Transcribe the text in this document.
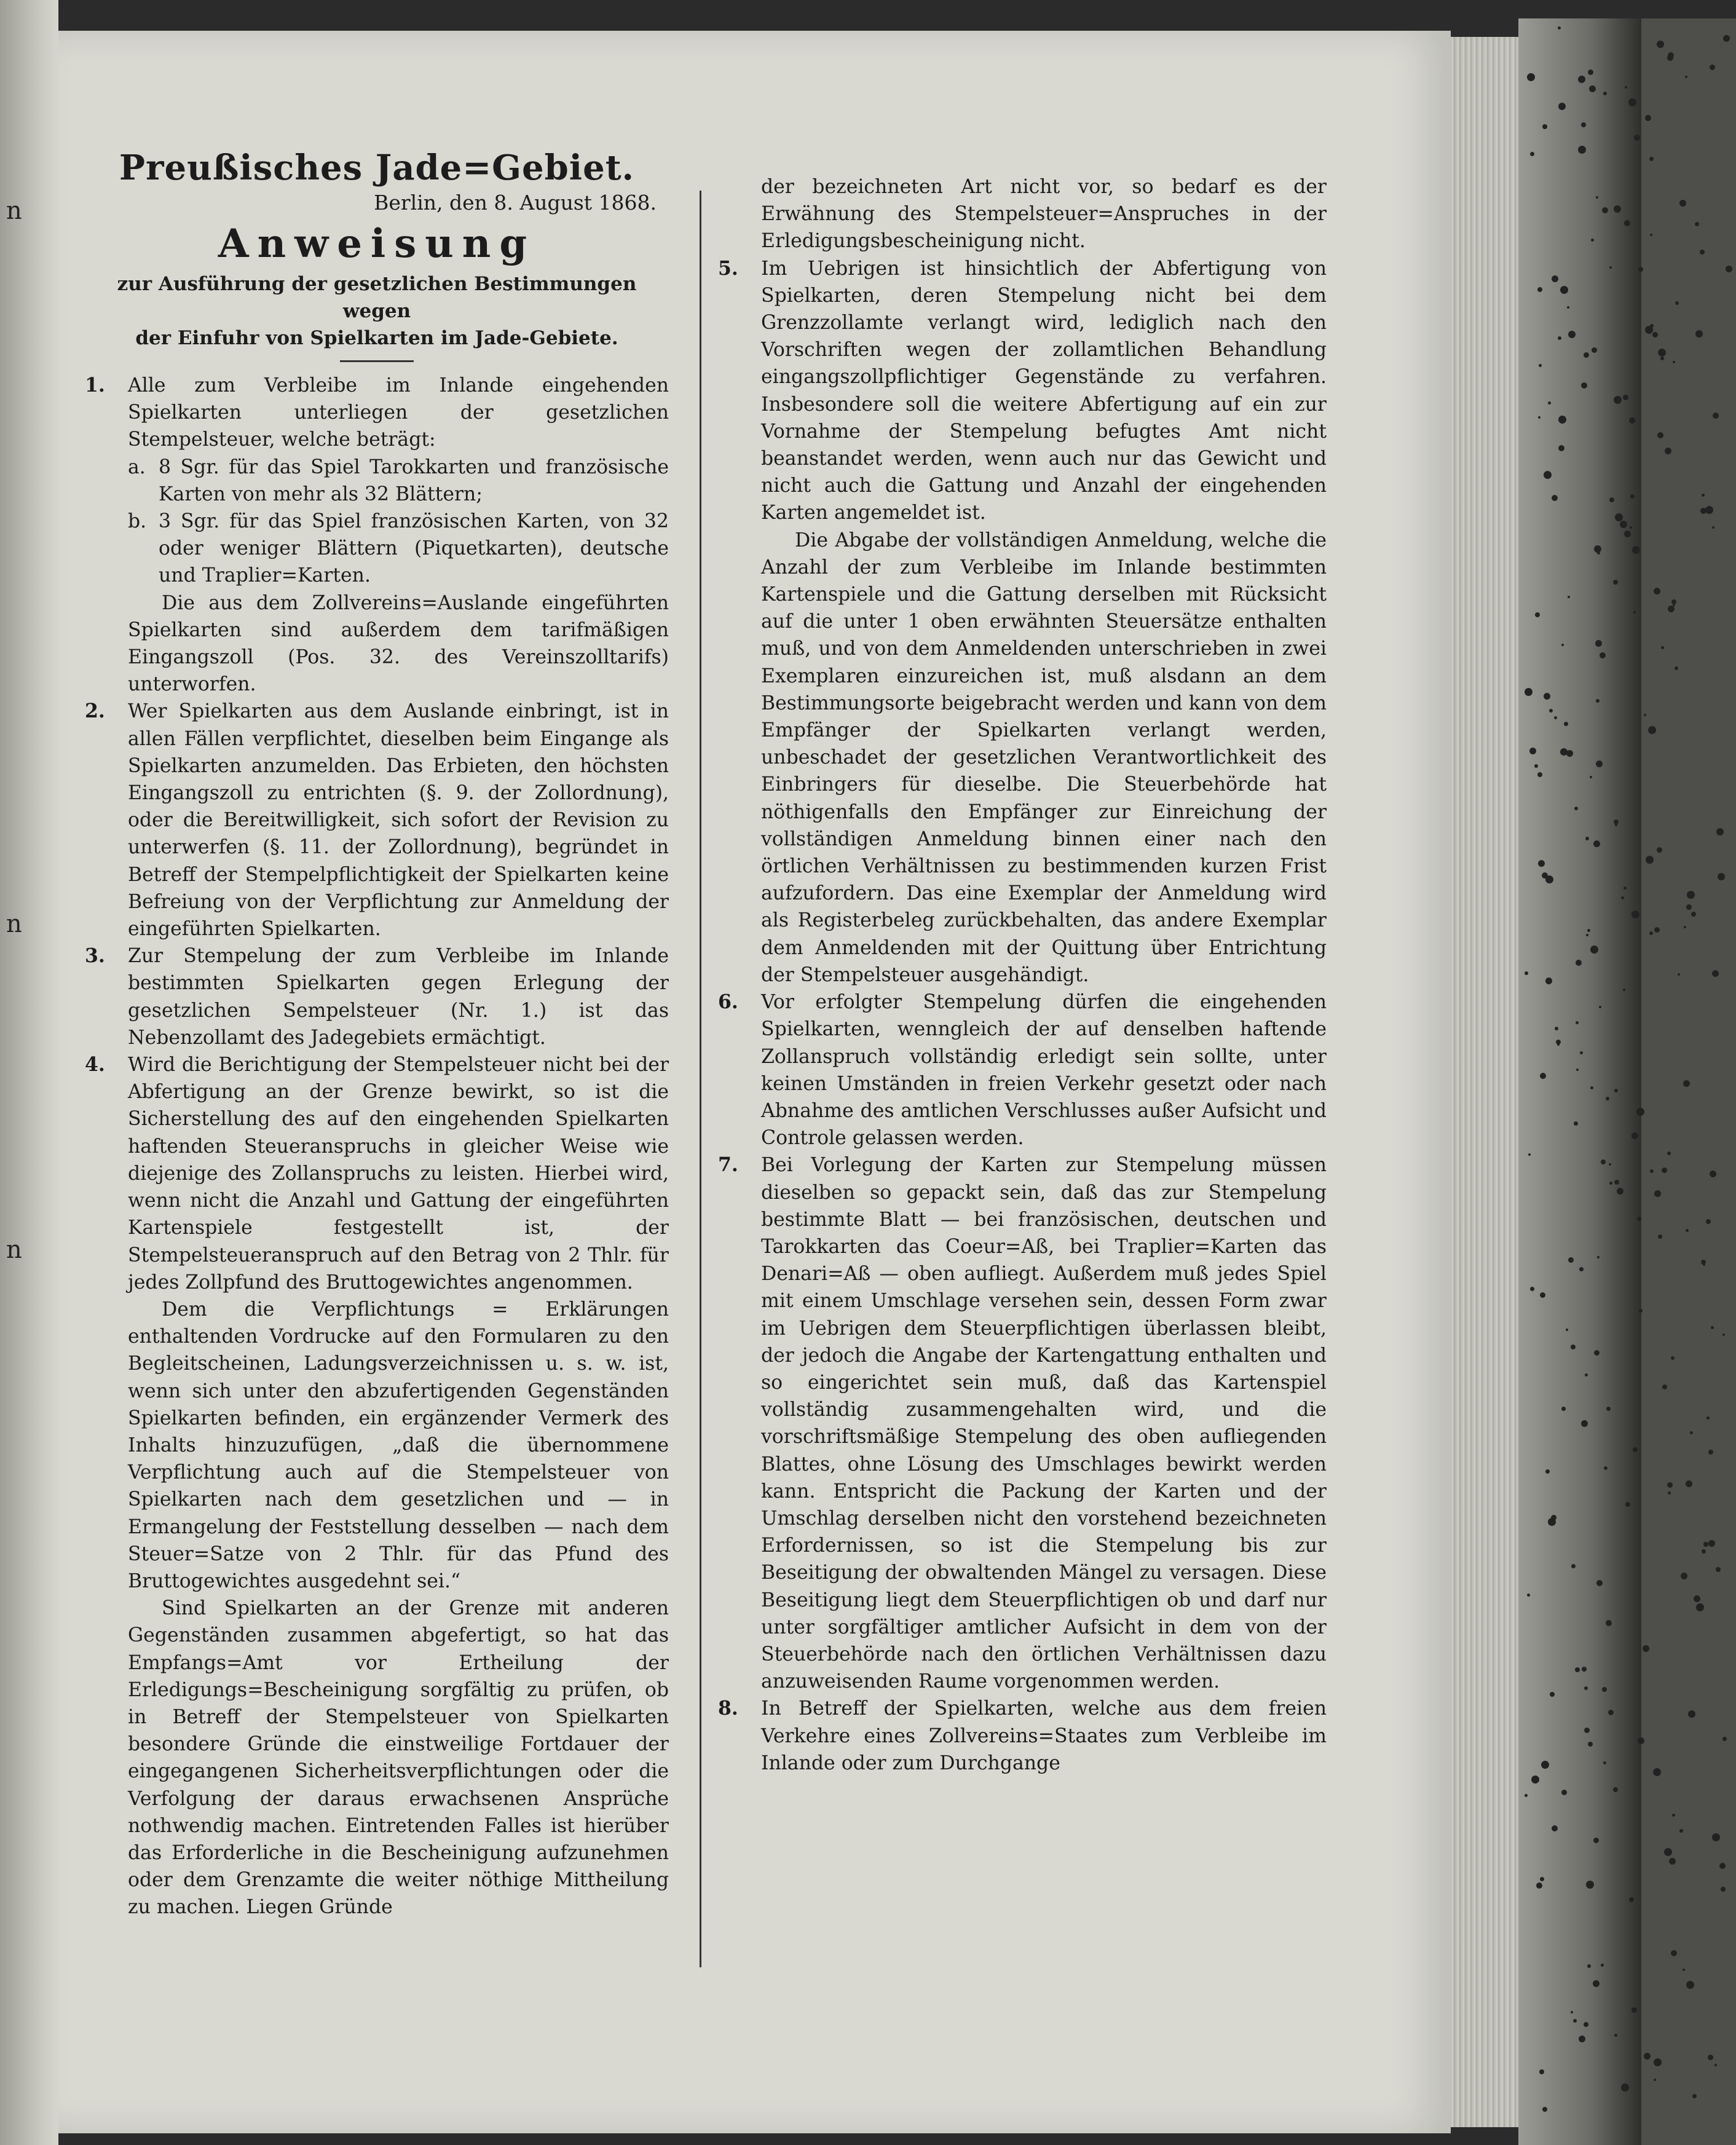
n
n
n
Preußisches Jade=Gebiet.
Berlin, den 8. August 1868.
Anweisung
zur Ausführung der gesetzlichen Bestimmungen wegen
der Einfuhr von Spielkarten im Jade-Gebiete.
1. Alle zum Verbleibe im Inlande eingehenden Spielkarten unterliegen der gesetzlichen Stempelsteuer, welche beträgt:
a. 8 Sgr. für das Spiel Tarokkarten und französische Karten von mehr als 32 Blättern;
b. 3 Sgr. für das Spiel französischen Karten, von 32 oder weniger Blättern (Piquetkarten), deutsche und Traplier=Karten.

Die aus dem Zollvereins=Auslande eingeführten Spielkarten sind außerdem dem tarifmäßigen Eingangszoll (Pos. 32. des Vereinszolltarifs) unterworfen.

2. Wer Spielkarten aus dem Auslande einbringt, ist in allen Fällen verpflichtet, dieselben beim Eingange als Spielkarten anzumelden. Das Erbieten, den höchsten Eingangszoll zu entrichten (§. 9. der Zollordnung), oder die Bereitwilligkeit, sich sofort der Revision zu unterwerfen (§. 11. der Zollordnung), begründet in Betreff der Stempelpflichtigkeit der Spielkarten keine Befreiung von der Verpflichtung zur Anmeldung der eingeführten Spielkarten.
3. Zur Stempelung der zum Verbleibe im Inlande bestimmten Spielkarten gegen Erlegung der gesetzlichen Sempelsteuer (Nr. 1.) ist das Nebenzollamt des Jadegebiets ermächtigt.
4. Wird die Berichtigung der Stempelsteuer nicht bei der Abfertigung an der Grenze bewirkt, so ist die Sicherstellung des auf den eingehenden Spielkarten haftenden Steueranspruchs in gleicher Weise wie diejenige des Zollanspruchs zu leisten. Hierbei wird, wenn nicht die Anzahl und Gattung der eingeführten Kartenspiele festgestellt ist, der Stempelsteueranspruch auf den Betrag von 2 Thlr. für jedes Zollpfund des Bruttogewichtes angenommen.

Dem die Verpflichtungs = Erklärungen enthaltenden Vordrucke auf den Formularen zu den Begleitscheinen, Ladungsverzeichnissen u. s. w. ist, wenn sich unter den abzufertigenden Gegenständen Spielkarten befinden, ein ergänzender Vermerk des Inhalts hinzuzufügen, „daß die übernommene Verpflichtung auch auf die Stempelsteuer von Spielkarten nach dem gesetzlichen und — in Ermangelung der Feststellung desselben — nach dem Steuer=Satze von 2 Thlr. für das Pfund des Bruttogewichtes ausgedehnt sei.“

Sind Spielkarten an der Grenze mit anderen Gegenständen zusammen abgefertigt, so hat das Empfangs=Amt vor Ertheilung der Erledigungs=Bescheinigung sorgfältig zu prüfen, ob in Betreff der Stempelsteuer von Spielkarten besondere Gründe die einstweilige Fortdauer der eingegangenen Sicherheitsverpflichtungen oder die Verfolgung der daraus erwachsenen Ansprüche nothwendig machen. Eintretenden Falles ist hierüber das Erforderliche in die Bescheinigung aufzunehmen oder dem Grenzamte die weiter nöthige Mittheilung zu machen. Liegen Gründe

der bezeichneten Art nicht vor, so bedarf es der Erwähnung des Stempelsteuer=Anspruches in der Erledigungsbescheinigung nicht.

5. Im Uebrigen ist hinsichtlich der Abfertigung von Spielkarten, deren Stempelung nicht bei dem Grenzzollamte verlangt wird, lediglich nach den Vorschriften wegen der zollamtlichen Behandlung eingangszollpflichtiger Gegenstände zu verfahren. Insbesondere soll die weitere Abfertigung auf ein zur Vornahme der Stempelung befugtes Amt nicht beanstandet werden, wenn auch nur das Gewicht und nicht auch die Gattung und Anzahl der eingehenden Karten angemeldet ist.

Die Abgabe der vollständigen Anmeldung, welche die Anzahl der zum Verbleibe im Inlande bestimmten Kartenspiele und die Gattung derselben mit Rücksicht auf die unter 1 oben erwähnten Steuersätze enthalten muß, und von dem Anmeldenden unterschrieben in zwei Exemplaren einzureichen ist, muß alsdann an dem Bestimmungsorte beigebracht werden und kann von dem Empfänger der Spielkarten verlangt werden, unbeschadet der gesetzlichen Verantwortlichkeit des Einbringers für dieselbe. Die Steuerbehörde hat nöthigenfalls den Empfänger zur Einreichung der vollständigen Anmeldung binnen einer nach den örtlichen Verhältnissen zu bestimmenden kurzen Frist aufzufordern. Das eine Exemplar der Anmeldung wird als Registerbeleg zurückbehalten, das andere Exemplar dem Anmeldenden mit der Quittung über Entrichtung der Stempelsteuer ausgehändigt.

6. Vor erfolgter Stempelung dürfen die eingehenden Spielkarten, wenngleich der auf denselben haftende Zollanspruch vollständig erledigt sein sollte, unter keinen Umständen in freien Verkehr gesetzt oder nach Abnahme des amtlichen Verschlusses außer Aufsicht und Controle gelassen werden.
7. Bei Vorlegung der Karten zur Stempelung müssen dieselben so gepackt sein, daß das zur Stempelung bestimmte Blatt — bei französischen, deutschen und Tarokkarten das Coeur=Aß, bei Traplier=Karten das Denari=Aß — oben aufliegt. Außerdem muß jedes Spiel mit einem Umschlage versehen sein, dessen Form zwar im Uebrigen dem Steuerpflichtigen überlassen bleibt, der jedoch die Angabe der Kartengattung enthalten und so eingerichtet sein muß, daß das Kartenspiel vollständig zusammengehalten wird, und die vorschriftsmäßige Stempelung des oben aufliegenden Blattes, ohne Lösung des Umschlages bewirkt werden kann. Entspricht die Packung der Karten und der Umschlag derselben nicht den vorstehend bezeichneten Erfordernissen, so ist die Stempelung bis zur Beseitigung der obwaltenden Mängel zu versagen. Diese Beseitigung liegt dem Steuerpflichtigen ob und darf nur unter sorgfältiger amtlicher Aufsicht in dem von der Steuerbehörde nach den örtlichen Verhältnissen dazu anzuweisenden Raume vorgenommen werden.
8. In Betreff der Spielkarten, welche aus dem freien Verkehre eines Zollvereins=Staates zum Verbleibe im Inlande oder zum Durchgange
